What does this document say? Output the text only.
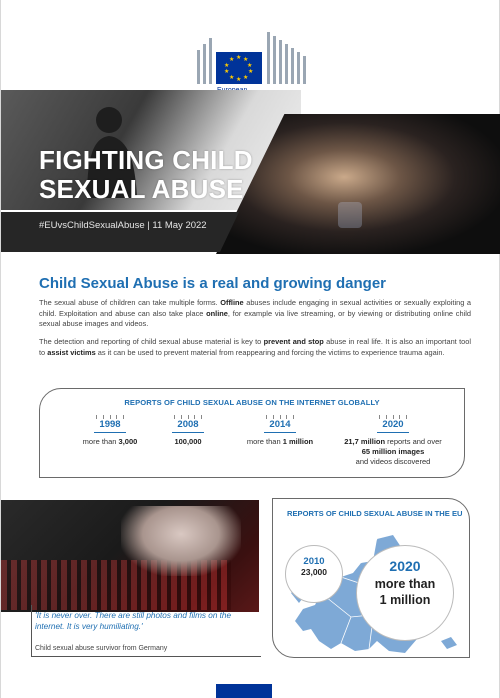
★ ★
★
★
★
★
★
★
★
★
FIGHTING CHILD
SEXUAL ABUSE
#EUvsChildSexualAbuse | 11 May 2022
Child Sexual Abuse is a real and growing danger
The sexual abuse of children can take multiple forms. Offline abuses include engaging in sexual activities or sexually exploiting a child. Exploitation and abuse can also take place online, for example via live streaming, or by viewing or distributing online child sexual abuse images and videos.
The detection and reporting of child sexual abuse material is key to prevent and stop abuse in real life. It is also an important tool to assist victims as it can be used to prevent material from reappearing and forcing the victims to experience trauma again.
REPORTS OF CHILD SEXUAL ABUSE ON THE INTERNET GLOBALLY
1998
more than 3,000
2008
100,000
2014
more than 1 million
2020
21,7 million reports and over 65 million images
and videos discovered
'It is never over. There are still photos and films on the internet. It is very humiliating.'
Child sexual abuse survivor from Germany
REPORTS OF CHILD SEXUAL ABUSE IN THE EU
2010
23,000	2020
more than
1 million
